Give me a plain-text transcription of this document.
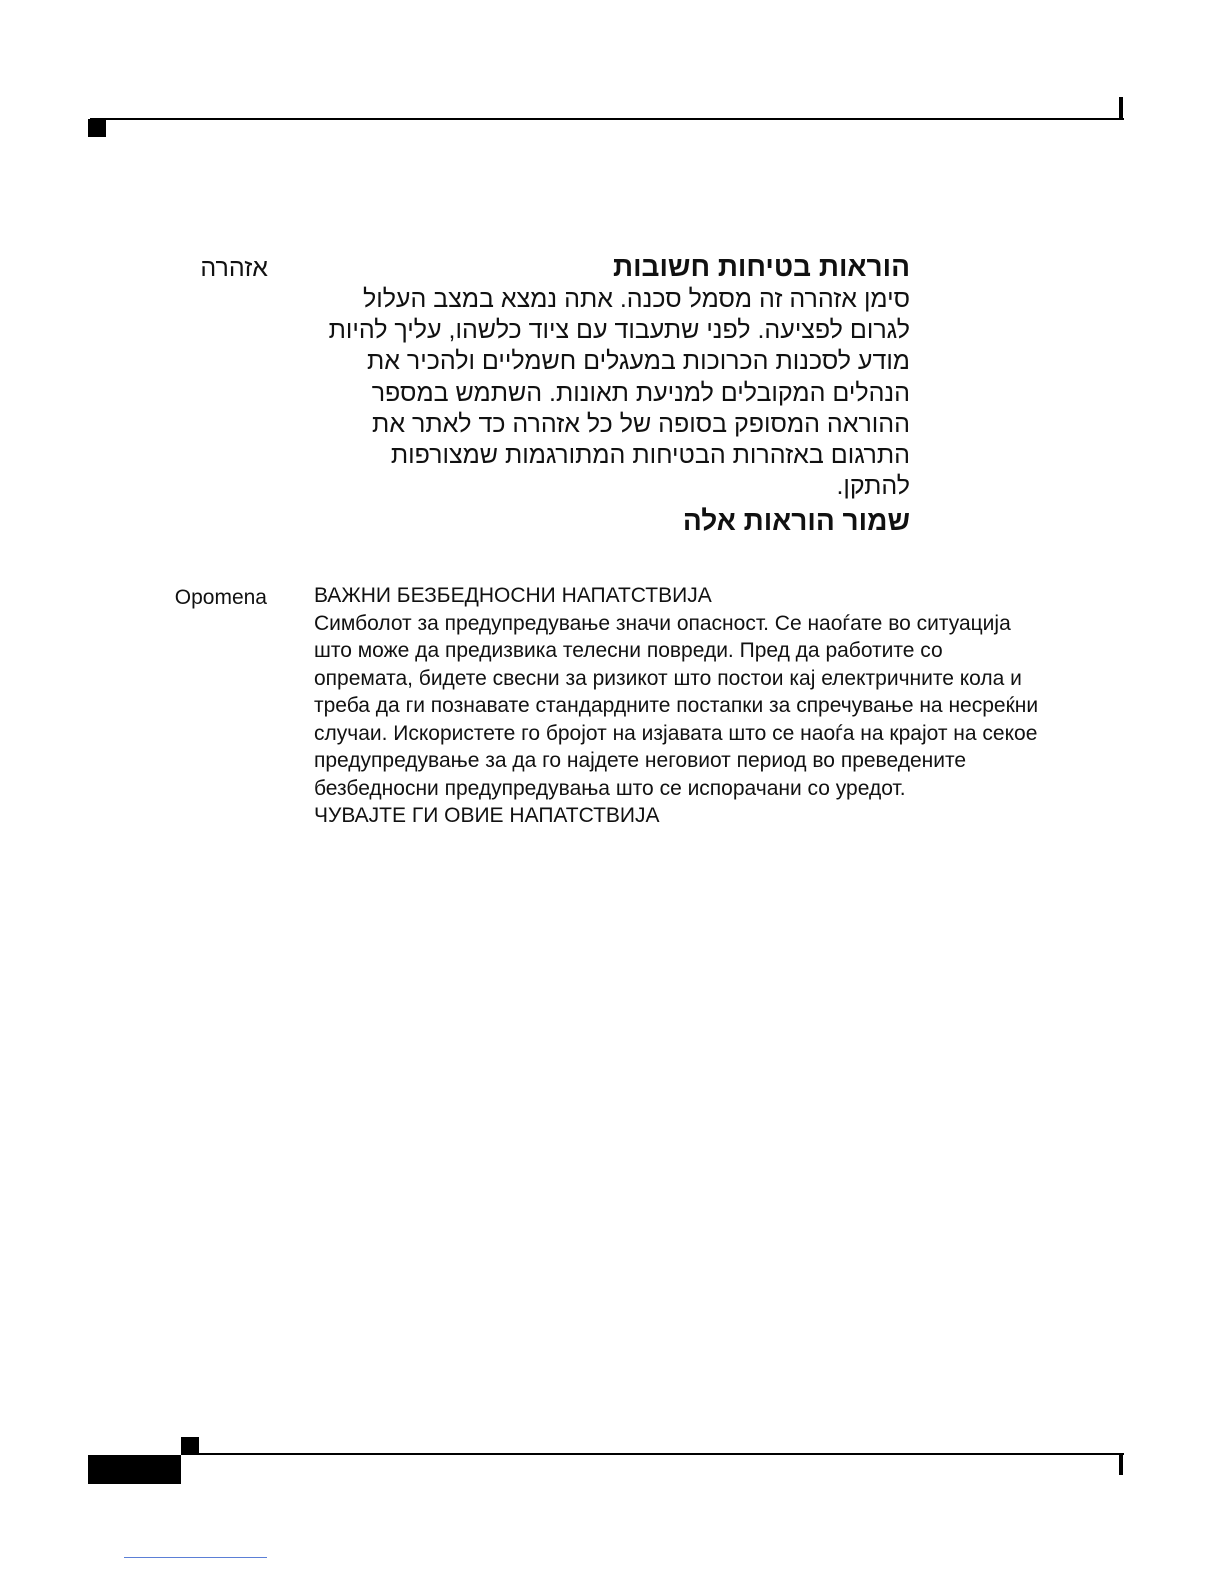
אזהרה	הוראות בטיחות חשובות
סימן אזהרה זה מסמל סכנה. אתה נמצא במצב העלול
לגרום לפציעה. לפני שתעבוד עם ציוד כלשהו, עליך להיות
מודע לסכנות הכרוכות במעגלים חשמליים ולהכיר את
הנהלים המקובלים למניעת תאונות. השתמש במספר
ההוראה המסופק בסופה של כל אזהרה כד לאתר את
התרגום באזהרות הבטיחות המתורגמות שמצורפות
להתקן.
שמור הוראות אלה
Opomena ВАЖНИ БЕЗБЕДНОСНИ НАПАТСТВИЈА
Симболот за предупредување значи опасност. Се наоѓате во ситуација
што може да предизвика телесни повреди. Пред да работите со
опремата, бидете свесни за ризикот што постои кај електричните кола и
треба да ги познавате стандардните постапки за спречување на несреќни
случаи. Искористете го бројот на изјавата што се наоѓа на крајот на секое
предупредување за да го најдете неговиот период во преведените
безбедносни предупредувања што се испорачани со уредот.
ЧУВАЈТЕ ГИ ОВИЕ НАПАТСТВИЈА
